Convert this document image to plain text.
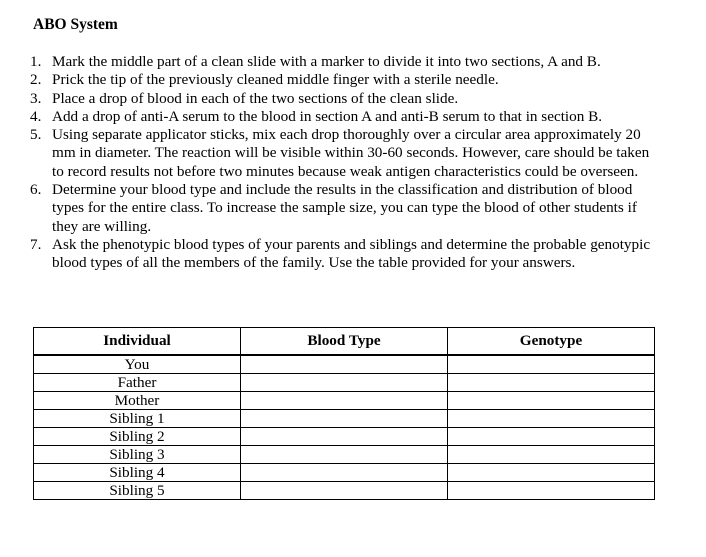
ABO System
1. Mark the middle part of a clean slide with a marker to divide it into two sections, A and B.
2. Prick the tip of the previously cleaned middle finger with a sterile needle.
3. Place a drop of blood in each of the two sections of the clean slide.
4. Add a drop of anti-A serum to the blood in section A and anti-B serum to that in section B.
5. Using separate applicator sticks, mix each drop thoroughly over a circular area approximately 20 mm in diameter. The reaction will be visible within 30-60 seconds. However, care should be taken to record results not before two minutes because weak antigen characteristics could be overseen.
6. Determine your blood type and include the results in the classification and distribution of blood types for the entire class. To increase the sample size, you can type the blood of other students if they are willing.
7. Ask the phenotypic blood types of your parents and siblings and determine the probable genotypic blood types of all the members of the family. Use the table provided for your answers.
Individual	Blood Type	Genotype
You		
Father		
Mother		
Sibling 1		
Sibling 2		
Sibling 3		
Sibling 4		
Sibling 5		
